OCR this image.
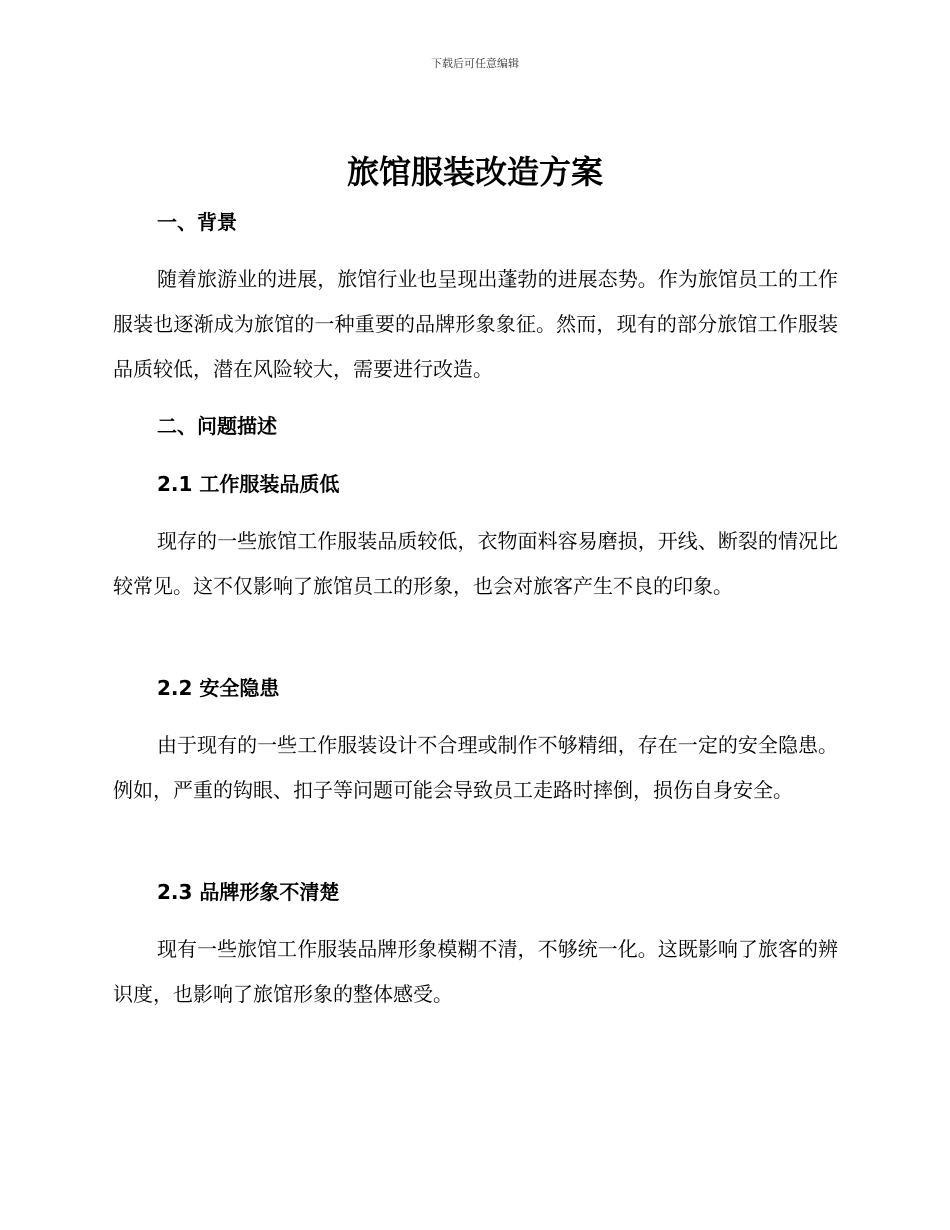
下载后可任意编辑
旅馆服装改造方案
一、背景

随着旅游业的进展，旅馆行业也呈现出蓬勃的进展态势。作为旅馆员工的工作服装也逐渐成为旅馆的一种重要的品牌形象象征。然而，现有的部分旅馆工作服装品质较低，潜在风险较大，需要进行改造。

二、问题描述
2.1 工作服装品质低

现存的一些旅馆工作服装品质较低，衣物面料容易磨损，开线、断裂的情况比较常见。这不仅影响了旅馆员工的形象，也会对旅客产生不良的印象。

2.2 安全隐患

由于现有的一些工作服装设计不合理或制作不够精细，存在一定的安全隐患。例如，严重的钩眼、扣子等问题可能会导致员工走路时摔倒，损伤自身安全。

2.3 品牌形象不清楚

现有一些旅馆工作服装品牌形象模糊不清，不够统一化。这既影响了旅客的辨识度，也影响了旅馆形象的整体感受。
